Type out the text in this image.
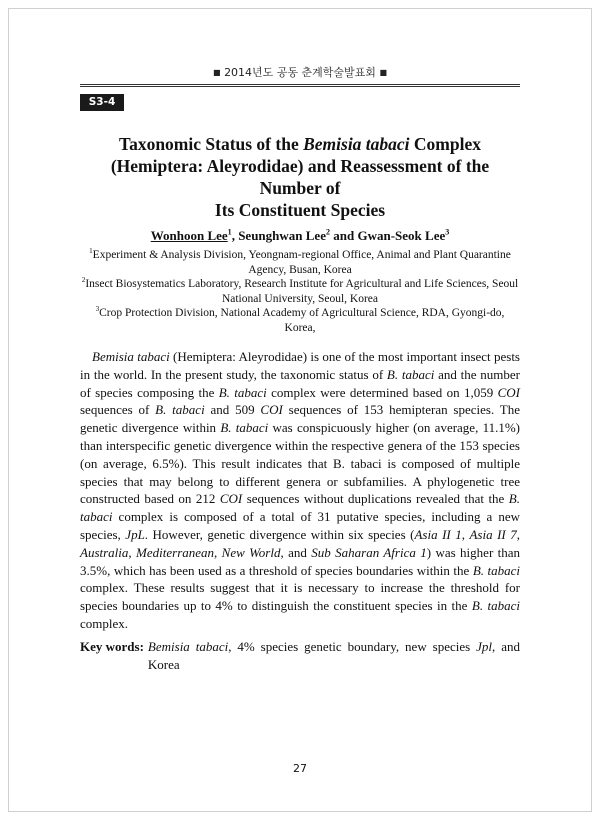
■ 2014년도 공동 춘계학술발표회 ■
S3-4
Taxonomic Status of the Bemisia tabaci Complex
(Hemiptera: Aleyrodidae) and Reassessment of the Number of
Its Constituent Species
Wonhoon Lee$^1$, Seunghwan Lee$^2$ and Gwan-Seok Lee$^3$
$^1$Experiment & Analysis Division, Yeongnam-regional Office, Animal and Plant Quarantine
Agency, Busan, Korea
$^2$Insect Biosystematics Laboratory, Research Institute for Agricultural and Life Sciences, Seoul
National University, Seoul, Korea
$^3$Crop Protection Division, National Academy of Agricultural Science, RDA, Gyongi-do, Korea,

Bemisia tabaci (Hemiptera: Aleyrodidae) is one of the most important insect pests in the world. In the present study, the taxonomic status of B. tabaci and the number of species composing the B. tabaci complex were determined based on 1,059 COI sequences of B. tabaci and 509 COI sequences of 153 hemipteran species. The genetic divergence within B. tabaci was conspicuously higher (on average, 11.1%) than interspecific genetic divergence within the respective genera of the 153 species (on average, 6.5%). This result indicates that B. tabaci is composed of multiple species that may belong to different genera or subfamilies. A phylogenetic tree constructed based on 212 COI sequences without duplications revealed that the B. tabaci complex is composed of a total of 31 putative species, including a new species, JpL. However, genetic divergence within six species (Asia II 1, Asia II 7, Australia, Mediterranean, New World, and Sub Saharan Africa 1) was higher than 3.5%, which has been used as a threshold of species boundaries within the B. tabaci complex. These results suggest that it is necessary to increase the threshold for species boundaries up to 4% to distinguish the constituent species in the B. tabaci complex.

Key words: Bemisia tabaci, 4% species genetic boundary, new species Jpl, and Korea
27
